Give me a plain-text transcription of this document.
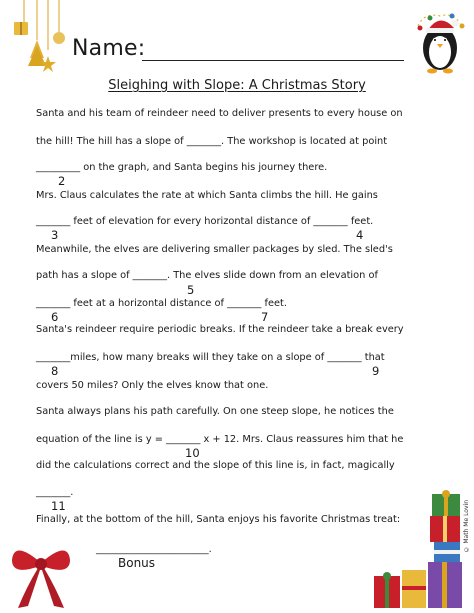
Name:
Sleighing with Slope: A Christmas Story
Santa and his team of reindeer need to deliver presents to every house on
the hill! The hill has a slope of _______. The workshop is located at point
_________ on the graph, and Santa begins his journey there.
Mrs. Claus calculates the rate at which Santa climbs the hill. He gains
_______ feet of elevation for every horizontal distance of _______ feet.
Meanwhile, the elves are delivering smaller packages by sled. The sled's
path has a slope of _______. The elves slide down from an elevation of
_______ feet at a horizontal distance of _______ feet.
Santa's reindeer require periodic breaks. If the reindeer take a break every
_______miles, how many breaks will they take on a slope of _______ that
covers 50 miles? Only the elves know that one.
Santa always plans his path carefully. On one steep slope, he notices the
equation of the line is y = _______ x + 12. Mrs. Claus reassures him that he
did the calculations correct and the slope of this line is, in fact, magically
_______.
Finally, at the bottom of the hill, Santa enjoys his favorite Christmas treat:
_______________________.
2
3	4
5
6	7
8	9
10
11
Bonus
© Math Me Lovin
